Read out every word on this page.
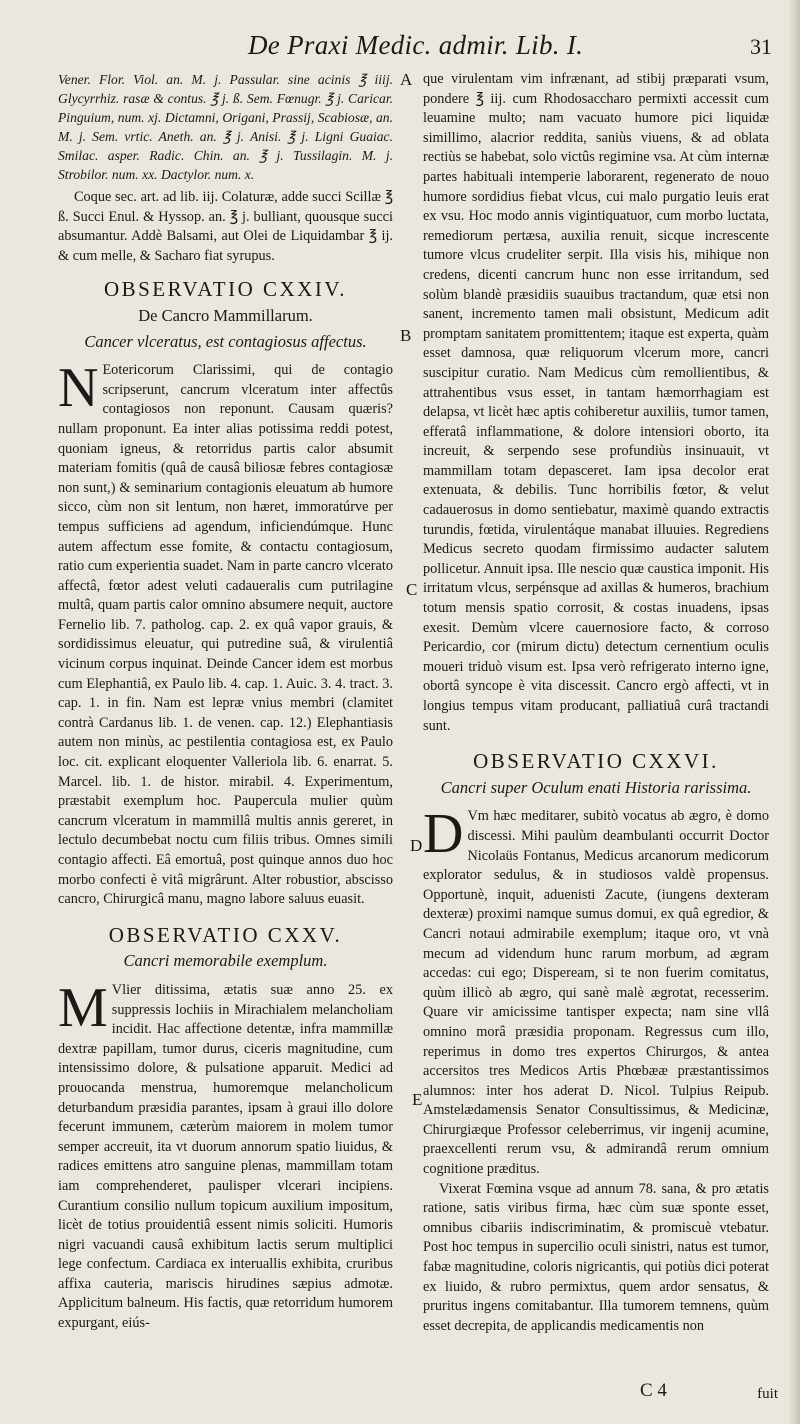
De Praxi Medic. admir. Lib. I.	31

Vener. Flor. Viol. an. M. j. Passular. sine acinis ℥ iiij. Glycyrrhiz. rasæ & contus. ℥ j. ß. Sem. Fœnugr. ℥ j. Caricar. Pinguium, num. xj. Dictamni, Origani, Prassij, Scabiosæ, an. M. j. Sem. vrtic. Aneth. an. ℥ j. Anisi. ℥ j. Ligni Guaiac. Smilac. asper. Radic. Chin. an. ℥ j. Tussilagin. M. j. Strobilor. num. xx. Dactylor. num. x.

Coque sec. art. ad lib. iij. Colaturæ, adde succi Scillæ ℥ ß. Succi Enul. & Hyssop. an. ℥ j. bulliant, quousque succi absumantur. Addè Balsami, aut Olei de Liquidambar ℥ ij. & cum melle, & Sacharo fiat syrupus.

OBSERVATIO CXXIV.
De Cancro Mammillarum.
Cancer vlceratus, est contagiosus affectus.

N Eotericorum Clarissimi, qui de contagio scripserunt, cancrum vlceratum inter affectûs contagiosos non reponunt. Causam quæris? nullam proponunt. Ea inter alias potissima reddi potest, quoniam igneus, & retorridus partis calor absumit materiam fomitis (quâ de causâ biliosæ febres contagiosæ non sunt,) & seminarium contagionis eleuatum ab humore sicco, cùm non sit lentum, non hæret, immoratúrve per tempus sufficiens ad agendum, inficiendúmque. Hunc autem affectum esse fomite, & contactu contagiosum, ratio cum experientia suadet. Nam in parte cancro vlcerato affectâ, fœtor adest veluti cadaueralis cum putrilagine multâ, quam partis calor omnino absumere nequit, auctore Fernelio lib. 7. patholog. cap. 2. ex quâ vapor grauis, & sordidissimus eleuatur, qui putredine suâ, & virulentiâ vicinum corpus inquinat. Deinde Cancer idem est morbus cum Elephantiâ, ex Paulo lib. 4. cap. 1. Auic. 3. 4. tract. 3. cap. 1. in fin. Nam est lepræ vnius membri (clamitet contrà Cardanus lib. 1. de venen. cap. 12.) Elephantiasis autem non minùs, ac pestilentia contagiosa est, ex Paulo loc. cit. explicant eloquenter Valleriola lib. 6. enarrat. 5. Marcel. lib. 1. de histor. mirabil. 4. Experimentum, præstabit exemplum hoc. Paupercula mulier quùm cancrum vlceratum in mammillâ multis annis gereret, in lectulo decumbebat noctu cum filiis tribus. Omnes simili contagio affecti. Eâ emortuâ, post quinque annos duo hoc morbo confecti è vitâ migrârunt. Alter robustior, abscisso cancro, Chirurgicâ manu, magno labore saluus euasit.

OBSERVATIO CXXV.
Cancri memorabile exemplum.

M Vlier ditissima, ætatis suæ anno 25. ex suppressis lochiis in Mirachialem melancholiam incidit. Hac affectione detentæ, infra mammillæ dextræ papillam, tumor durus, ciceris magnitudine, cum intensissimo dolore, & pulsatione apparuit. Medici ad prouocanda menstrua, humoremque melancholicum deturbandum præsidia parantes, ipsam à graui illo dolore fecerunt immunem, cæterùm maiorem in molem tumor semper accreuit, ita vt duorum annorum spatio liuidus, & radices emittens atro sanguine plenas, mammillam totam iam comprehenderet, paulisper vlcerari incipiens. Curantium consilio nullum topicum auxilium impositum, licèt de totius prouidentiâ essent nimis soliciti. Humoris nigri vacuandi causâ exhibitum lactis serum multiplici lege confectum. Cardiaca ex interuallis exhibita, cruribus affixa cauteria, mariscis hirudines sæpius admotæ. Applicitum balneum. His factis, quæ retorridum humorem expurgant, eiús-

A
B
C
D
E

que virulentam vim infrænant, ad stibij præparati vsum, pondere ℥ iij. cum Rhodosaccharo permixti accessit cum leuamine multo; nam vacuato humore pici liquidæ simillimo, alacrior reddita, saniùs viuens, & ad oblata rectiùs se habebat, solo victûs regimine vsa. At cùm internæ partes habituali intemperie laborarent, regenerato de nouo humore sordidius fiebat vlcus, cui malo purgatio leuis erat ex vsu. Hoc modo annis vigintiquatuor, cum morbo luctata, remediorum pertæsa, auxilia renuit, sicque increscente tumore vlcus crudeliter serpit. Illa visis his, mihique non credens, dicenti cancrum hunc non esse irritandum, sed solùm blandè præsidiis suauibus tractandum, quæ etsi non sanent, incremento tamen mali obsistunt, Medicum adit promptam sanitatem promittentem; itaque est experta, quàm esset damnosa, quæ reliquorum vlcerum more, cancri suscipitur curatio. Nam Medicus cùm remollientibus, & attrahentibus vsus esset, in tantam hæmorrhagiam est delapsa, vt licèt hæc aptis cohiberetur auxiliis, tumor tamen, efferatâ inflammatione, & dolore intensiori oborto, ita increuit, & serpendo sese profundiùs insinuauit, vt mammillam totam depasceret. Iam ipsa decolor erat extenuata, & debilis. Tunc horribilis fœtor, & velut cadauerosus in domo sentiebatur, maximè quando extractis turundis, fœtida, virulentáque manabat illuuies. Regrediens Medicus secreto quodam firmissimo audacter salutem pollicetur. Annuit ipsa. Ille nescio quæ caustica imponit. His irritatum vlcus, serpénsque ad axillas & humeros, brachium totum mensis spatio corrosit, & costas inuadens, ipsas exesit. Demùm vlcere cauernosiore facto, & corroso Pericardio, cor (mirum dictu) detectum cernentium oculis moueri triduò visum est. Ipsa verò refrigerato interno igne, obortâ syncope è vita discessit. Cancro ergò affecti, vt in longius tempus vitam producant, palliatiuâ curâ tractandi sunt.

OBSERVATIO CXXVI.
Cancri super Oculum enati Historia rarissima.

D Vm hæc meditarer, subitò vocatus ab ægro, è domo discessi. Mihi paulùm deambulanti occurrit Doctor Nicolaüs Fontanus, Medicus arcanorum medicorum explorator sedulus, & in studiosos valdè propensus. Opportunè, inquit, aduenisti Zacute, (iungens dexteram dexteræ) proximi namque sumus domui, ex quâ egredior, & Cancri notaui admirabile exemplum; itaque oro, vt vnà mecum ad videndum hunc rarum morbum, ad ægram accedas: cui ego; Dispeream, si te non fuerim comitatus, quùm illicò ab ægro, qui sanè malè ægrotat, recesserim. Quare vir amicissime tantisper expecta; nam sine vllâ omnino morâ præsidia proponam. Regressus cum illo, reperimus in domo tres expertos Chirurgos, & antea accersitos tres Medicos Artis Phœbææ præstantissimos alumnos: inter hos aderat D. Nicol. Tulpius Reipub. Amstelædamensis Senator Consultissimus, & Medicinæ, Chirurgiæque Professor celeberrimus, vir ingenij acumine, praexcellenti rerum vsu, & admirandâ rerum omnium cognitione præditus.

Vixerat Fœmina vsque ad annum 78. sana, & pro ætatis ratione, satis viribus firma, hæc cùm suæ sponte esset, omnibus cibariis indiscriminatim, & promiscuè vtebatur. Post hoc tempus in supercilio oculi sinistri, natus est tumor, fabæ magnitudine, coloris nigricantis, qui potiùs dici poterat ex liuido, & rubro permixtus, quem ardor sensatus, & pruritus ingens comitabantur. Illa tumorem temnens, quùm esset decrepita, de applicandis medicamentis non

C 4	fuit
